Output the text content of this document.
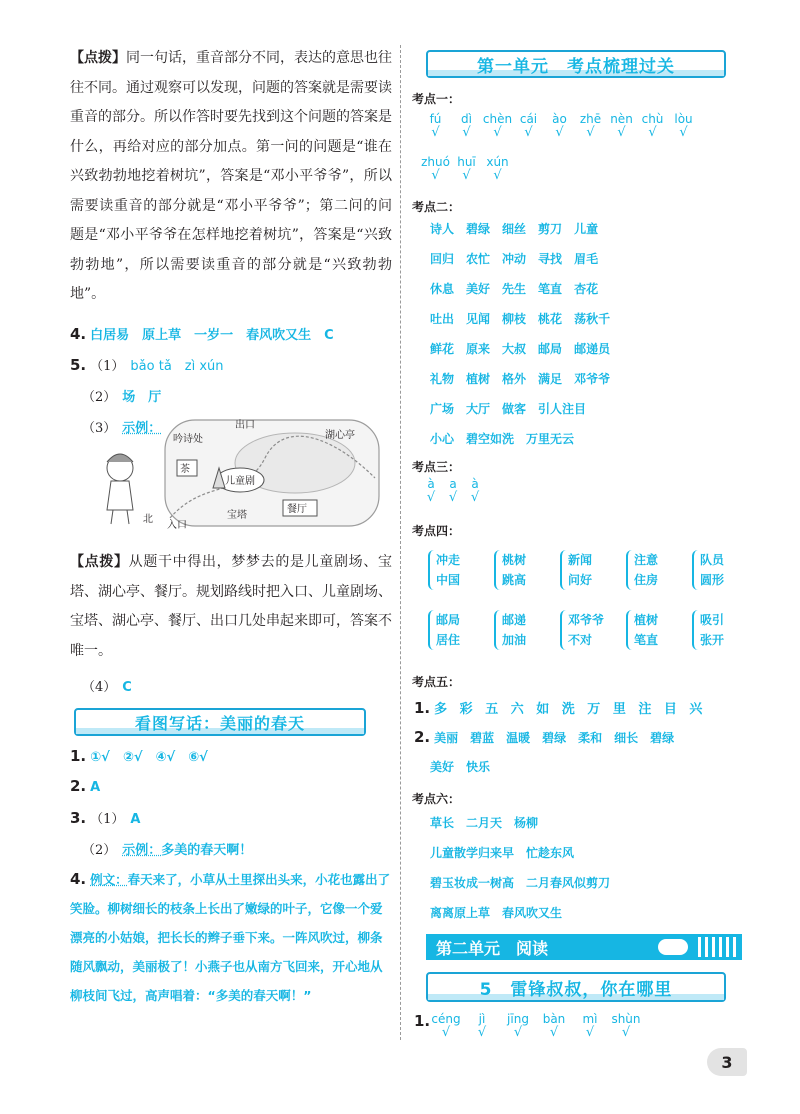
【点拨】同一句话，重音部分不同，表达的意思也往往不同。通过观察可以发现，问题的答案就是需要读重音的部分。所以作答时要先找到这个问题的答案是什么，再给对应的部分加点。第一问的问题是“谁在兴致勃勃地挖着树坑”，答案是“邓小平爷爷”，所以需要读重音的部分就是“邓小平爷爷”；第二问的问题是“邓小平爷爷在怎样地挖着树坑”，答案是“兴致勃勃地”，所以需要读重音的部分就是“兴致勃勃地”。
4. 白居易　原上草　一岁一　春风吹又生　C
5. （1） bǎo tǎ　zì xún
（2） 场　厅
（3） 示例：	出口
吟诗处	湖心亭
茶
儿童剧
宝塔
餐厅
北
入口
【点拨】从题干中得出，梦梦去的是儿童剧场、宝塔、湖心亭、餐厅。规划路线时把入口、儿童剧场、宝塔、湖心亭、餐厅、出口几处串起来即可，答案不唯一。
（4） C
看图写话：美丽的春天
1. ①√　②√　④√　⑥√
2. A
3. （1） A
（2） 示例：多美的春天啊！
4. 例文：春天来了，小草从土里探出头来，小花也露出了笑脸。柳树细长的枝条上长出了嫩绿的叶子，它像一个爱漂亮的小姑娘，把长长的辫子垂下来。一阵风吹过，柳条随风飘动，美丽极了！小燕子也从南方飞回来，开心地从柳枝间飞过，高声唱着：“多美的春天啊！”
第一单元　考点梳理过关
考点一：
fú
√
dì
√
chèn
√
cái
√
ào
√
zhē
√
nèn
√
chù
√
lòu
√
zhuó
√
huī
√
xún
√
考点二：
诗人 碧绿 细丝 剪刀 儿童
回归 农忙 冲动 寻找 眉毛
休息 美好 先生 笔直 杏花
吐出 见闻 柳枝 桃花 荡秋千
鲜花 原来 大叔 邮局 邮递员
礼物 植树 格外 满足 邓爷爷
广场 大厅 做客 引人注目
小心 碧空如洗 万里无云
考点三：
à
√
a
√
à
√
考点四：
冲走
中国
桃树
跳高
新闻
问好
注意
住房
队员
圆形
邮局
居住
邮递
加油
邓爷爷
不对
植树
笔直
吸引
张开
考点五：
1. 多 彩 五 六 如 洗 万 里 注 目 兴
2. 美丽　碧蓝　温暖　碧绿　柔和　细长　碧绿
美好　快乐
考点六：
草长　二月天　杨柳
儿童散学归来早　忙趁东风
碧玉妆成一树高　二月春风似剪刀
离离原上草　春风吹又生
第二单元　阅读
5　雷锋叔叔，你在哪里
1. céng
√
jì
√
jīng
√
bàn
√
mì
√
shùn
√
3
